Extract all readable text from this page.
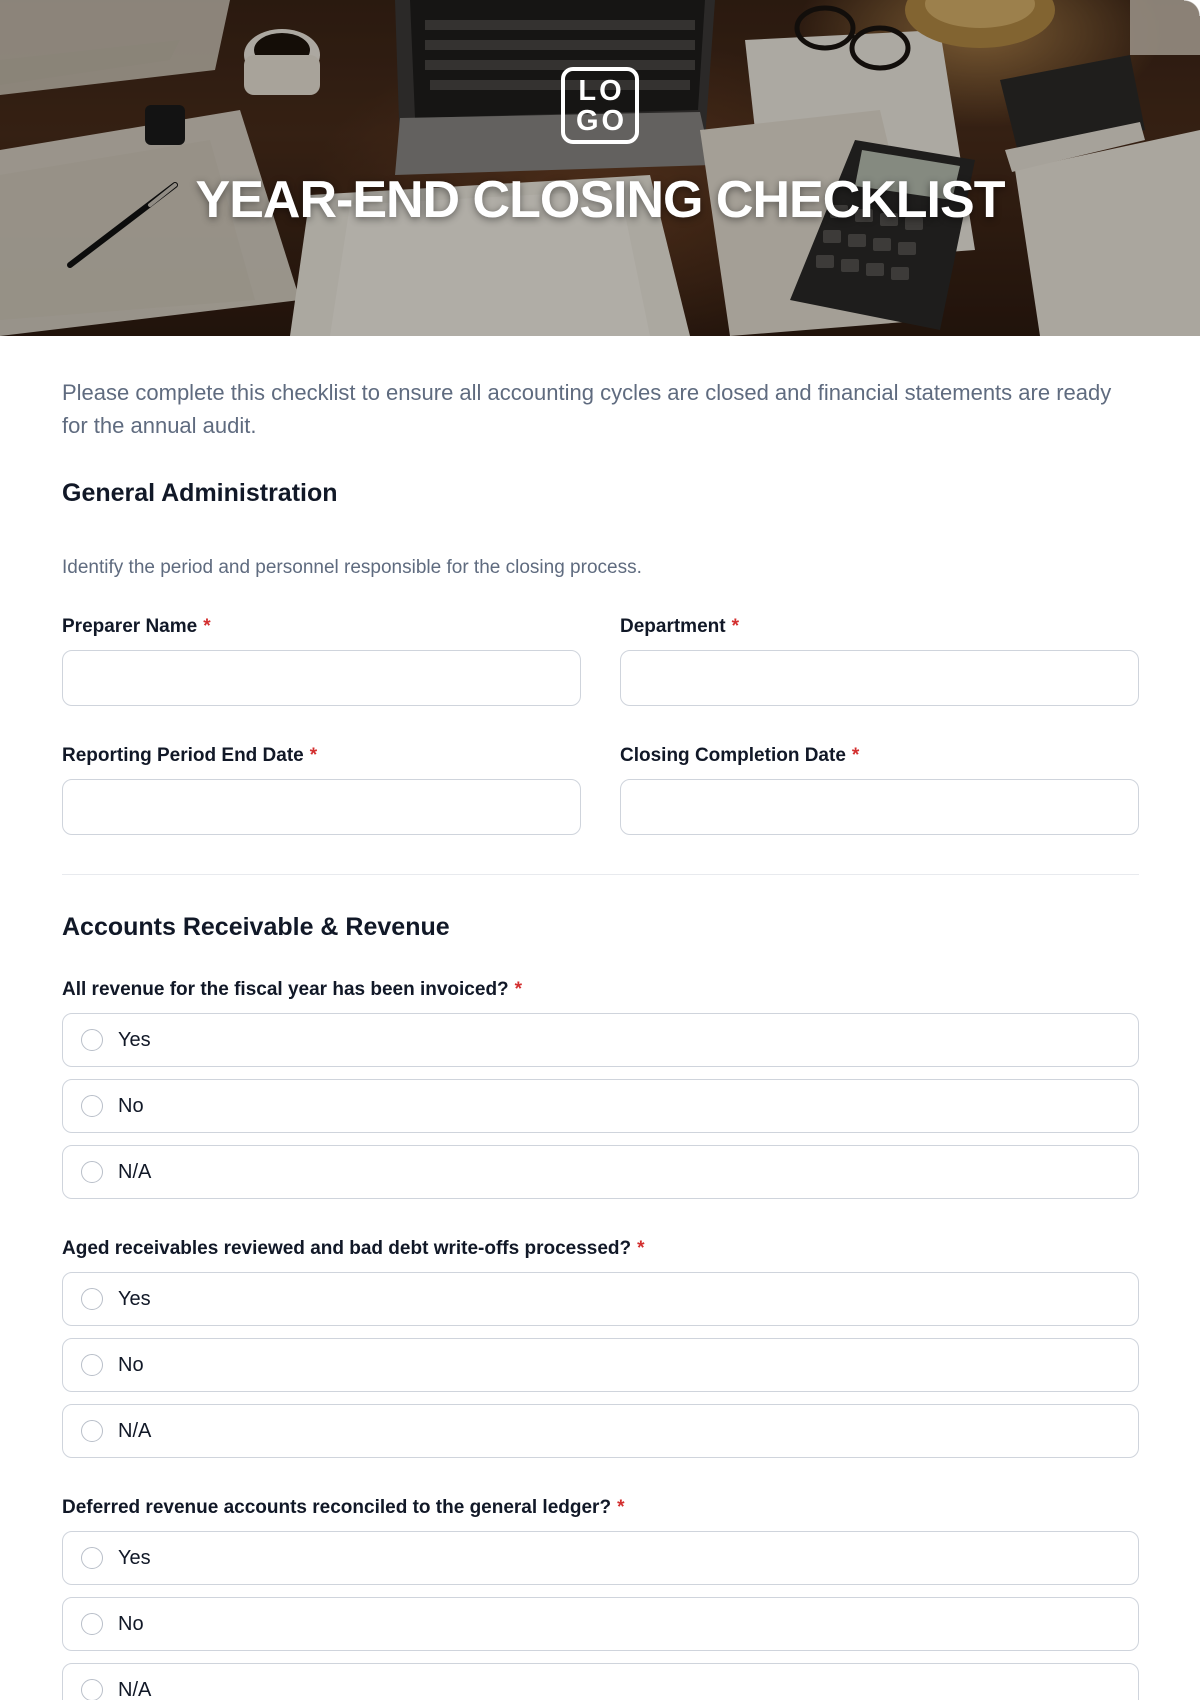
LO
GO
YEAR-END CLOSING CHECKLIST
Please complete this checklist to ensure all accounting cycles are closed and financial statements are ready for the annual audit.
General Administration
Identify the period and personnel responsible for the closing process.
Preparer Name *	Department *
Reporting Period End Date *	Closing Completion Date *
Accounts Receivable & Revenue
All revenue for the fiscal year has been invoiced? *
Yes
No
N/A
Aged receivables reviewed and bad debt write-offs processed? *
Yes
No
N/A
Deferred revenue accounts reconciled to the general ledger? *
Yes
No
N/A
